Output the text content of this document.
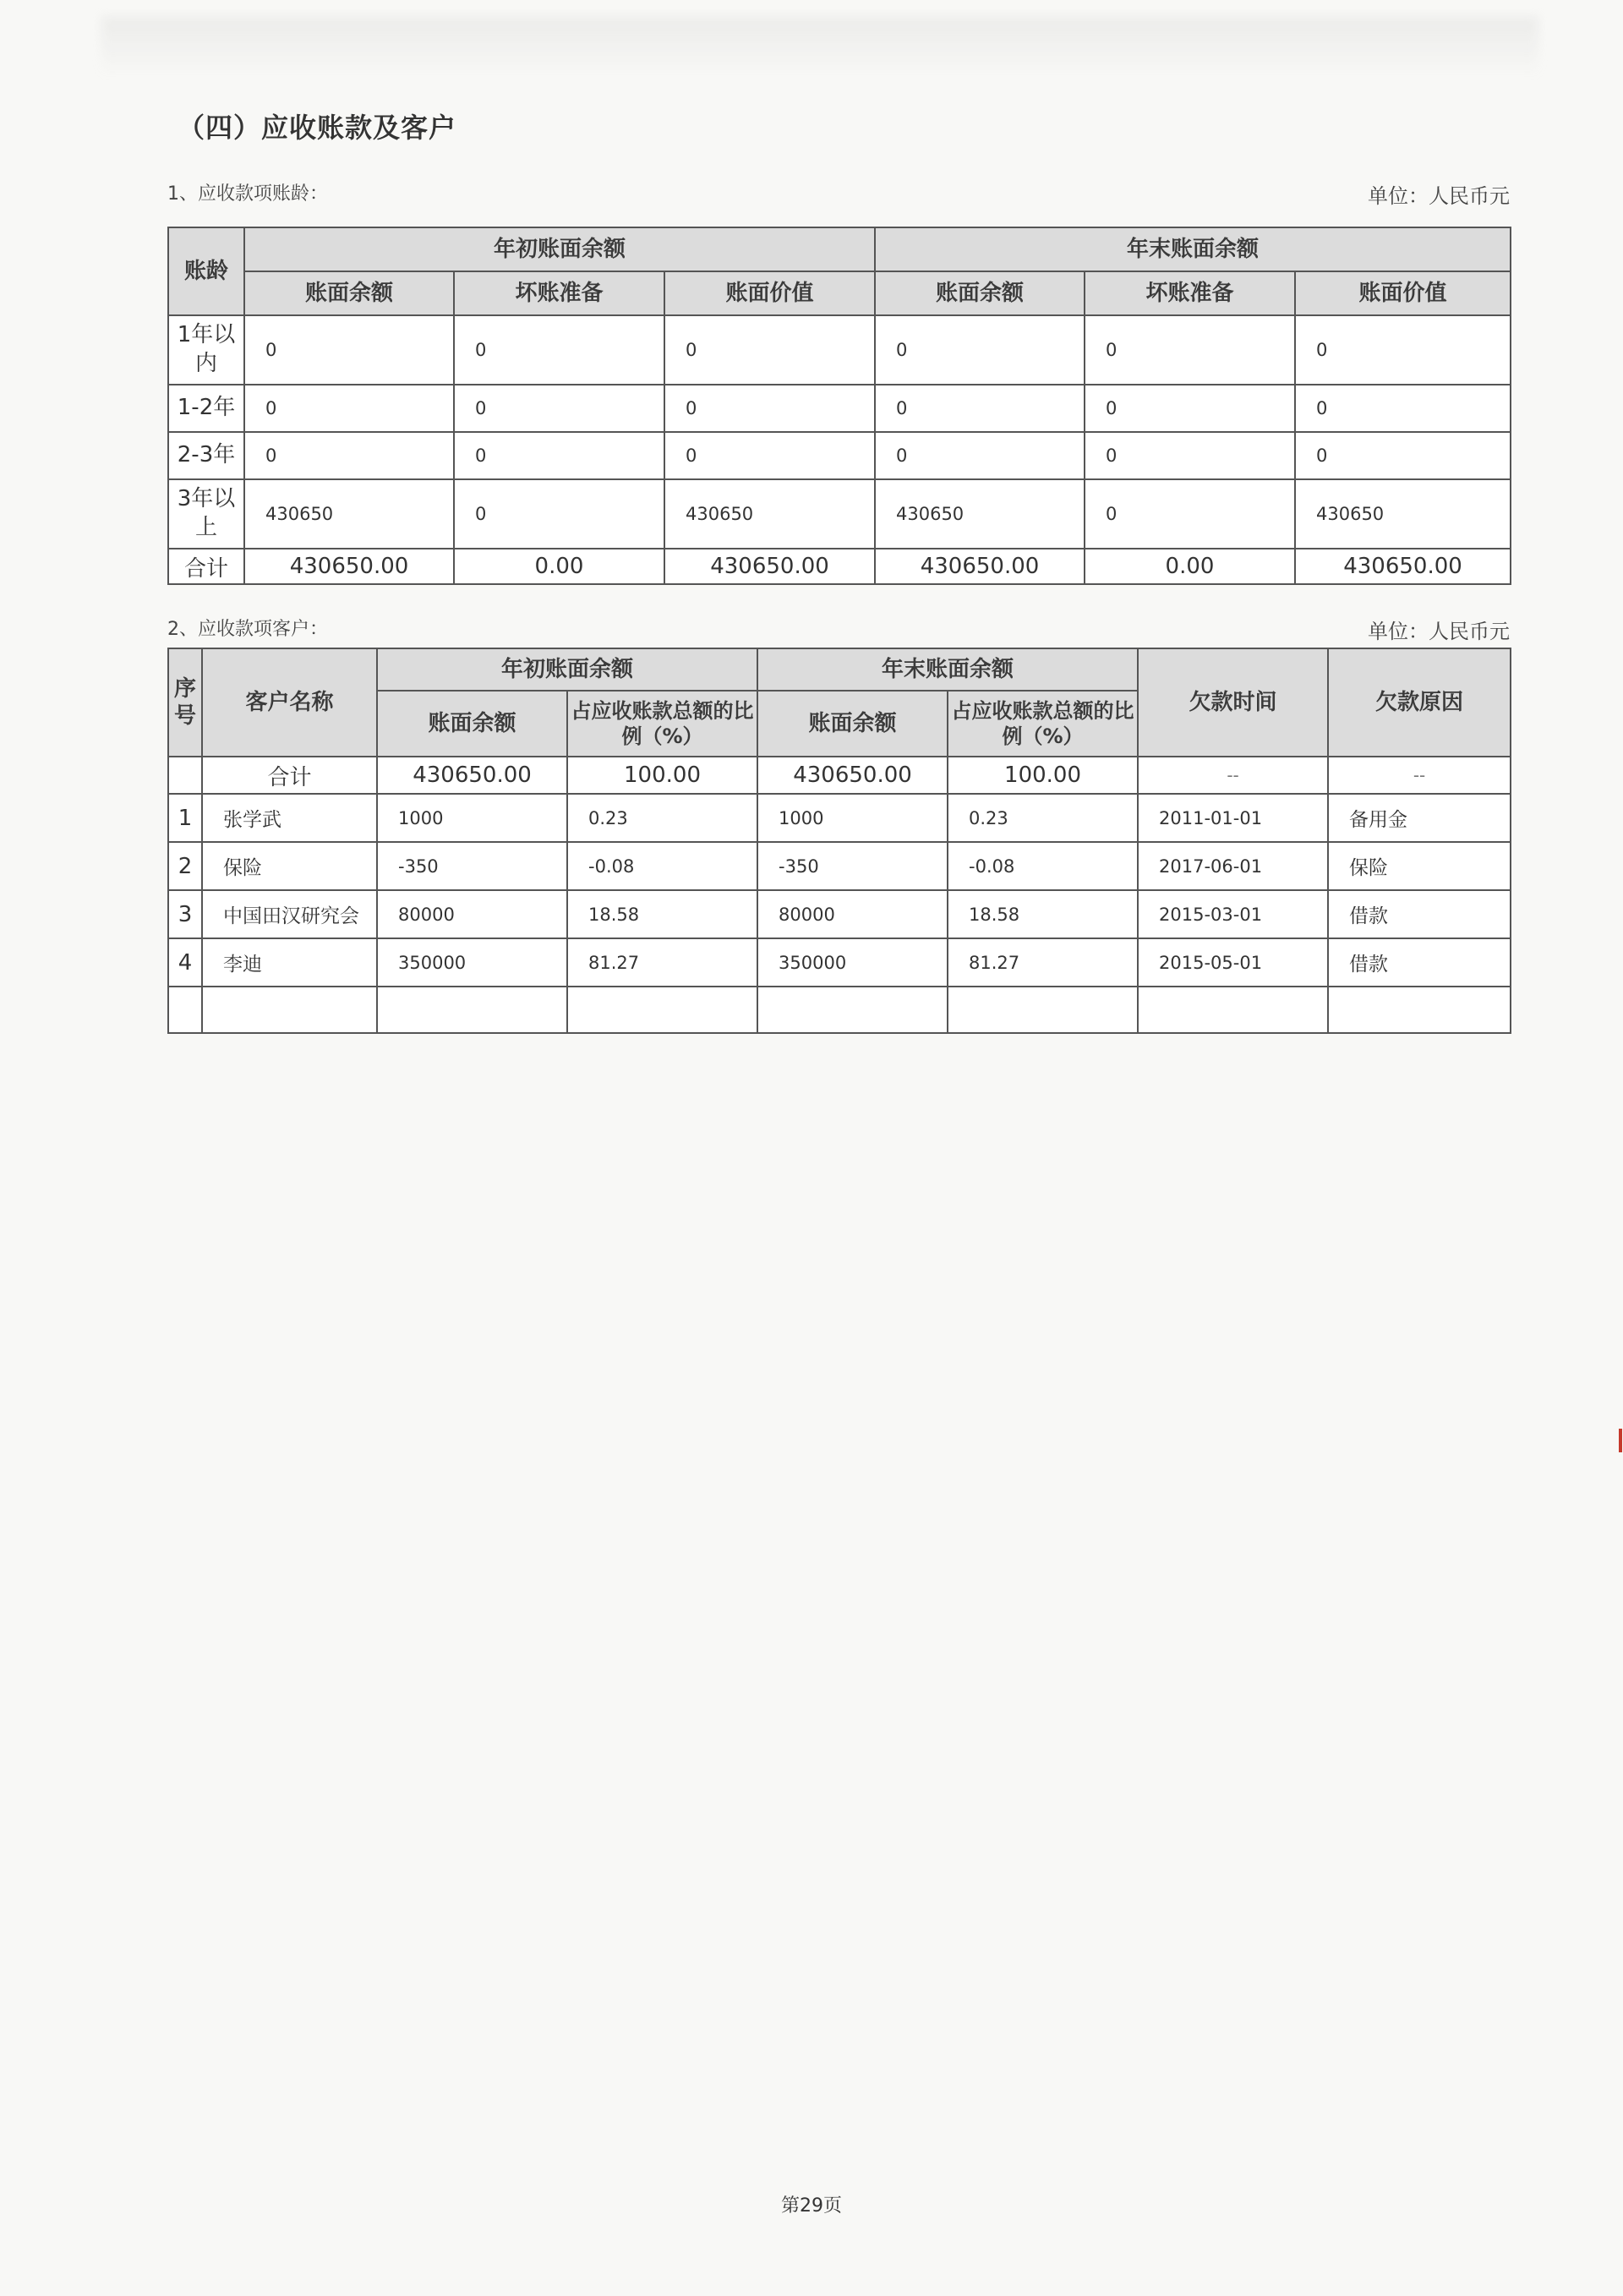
（四）应收账款及客户
1、应收款项账龄：	单位：人民币元
账龄	年初账面余额			年末账面余额		
	账面余额	坏账准备	账面价值	账面余额	坏账准备	账面价值
1年以内	0	0	0	0	0	0
1-2年	0	0	0	0	0	0
2-3年	0	0	0	0	0	0
3年以上	430650	0	430650	430650	0	430650
合计	430650.00	0.00	430650.00	430650.00	0.00	430650.00
2、应收款项客户：	单位：人民币元
序号	客户名称	年初账面余额		年末账面余额		欠款时间	欠款原因
		账面余额	占应收账款总额的比例（%）	账面余额	占应收账款总额的比例（%）		
	合计	430650.00	100.00	430650.00	100.00	--	--
1	张学武	1000	0.23	1000	0.23	2011-01-01	备用金
2	保险	-350	-0.08	-350	-0.08	2017-06-01	保险
3	中国田汉研究会	80000	18.58	80000	18.58	2015-03-01	借款
4	李迪	350000	81.27	350000	81.27	2015-05-01	借款

第29页
